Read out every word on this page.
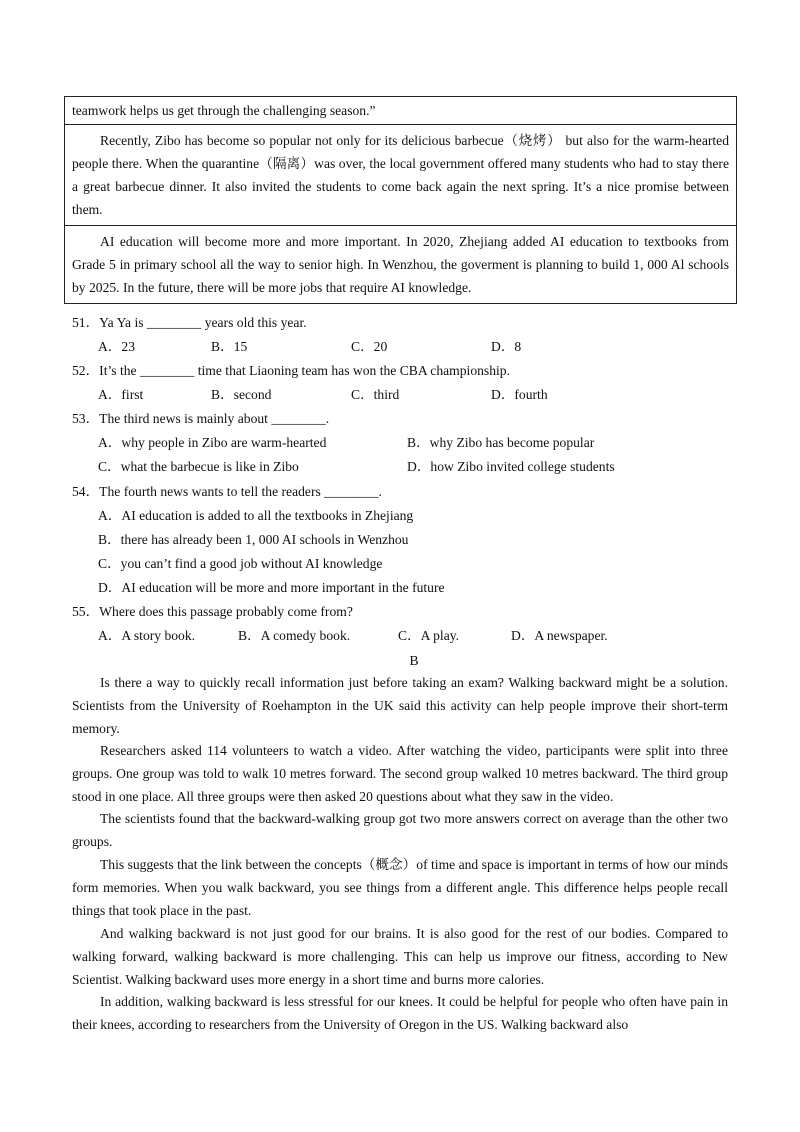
teamwork helps us get through the challenging season.”
Recently, Zibo has become so popular not only for its delicious barbecue（烧烤） but also for the warm-hearted people there. When the quarantine（隔离）was over, the local government offered many students who had to stay there a great barbecue dinner. It also invited the students to come back again the next spring. It’s a nice promise between them.
AI education will become more and more important. In 2020, Zhejiang added AI education to textbooks from Grade 5 in primary school all the way to senior high. In Wenzhou, the goverment is planning to build 1, 000 Al schools by 2025. In the future, there will be more jobs that require AI knowledge.
51．Ya Ya is ________ years old this year.
A．23	B．15	C．20	D．8
52．It’s the ________ time that Liaoning team has won the CBA championship.
A．first	B．second	C．third	D．fourth
53．The third news is mainly about ________.
A．why people in Zibo are warm-hearted	B．why Zibo has become popular
C．what the barbecue is like in Zibo	D．how Zibo invited college students
54．The fourth news wants to tell the readers ________.
A．AI education is added to all the textbooks in Zhejiang
B．there has already been 1, 000 AI schools in Wenzhou
C．you can’t find a good job without AI knowledge
D．AI education will be more and more important in the future
55．Where does this passage probably come from?
A．A story book.	B．A comedy book.	C．A play.	D．A newspaper.
B
Is there a way to quickly recall information just before taking an exam? Walking backward might be a solution. Scientists from the University of Roehampton in the UK said this activity can help people improve their short-term memory.
Researchers asked 114 volunteers to watch a video. After watching the video, participants were split into three groups. One group was told to walk 10 metres forward. The second group walked 10 metres backward. The third group stood in one place. All three groups were then asked 20 questions about what they saw in the video.
The scientists found that the backward-walking group got two more answers correct on average than the other two groups.
This suggests that the link between the concepts（概念）of time and space is important in terms of how our minds form memories. When you walk backward, you see things from a different angle. This difference helps people recall things that took place in the past.
And walking backward is not just good for our brains. It is also good for the rest of our bodies. Compared to walking forward, walking backward is more challenging. This can help us improve our fitness, according to New Scientist. Walking backward uses more energy in a short time and burns more calories.
In addition, walking backward is less stressful for our knees. It could be helpful for people who often have pain in their knees, according to researchers from the University of Oregon in the US. Walking backward also
